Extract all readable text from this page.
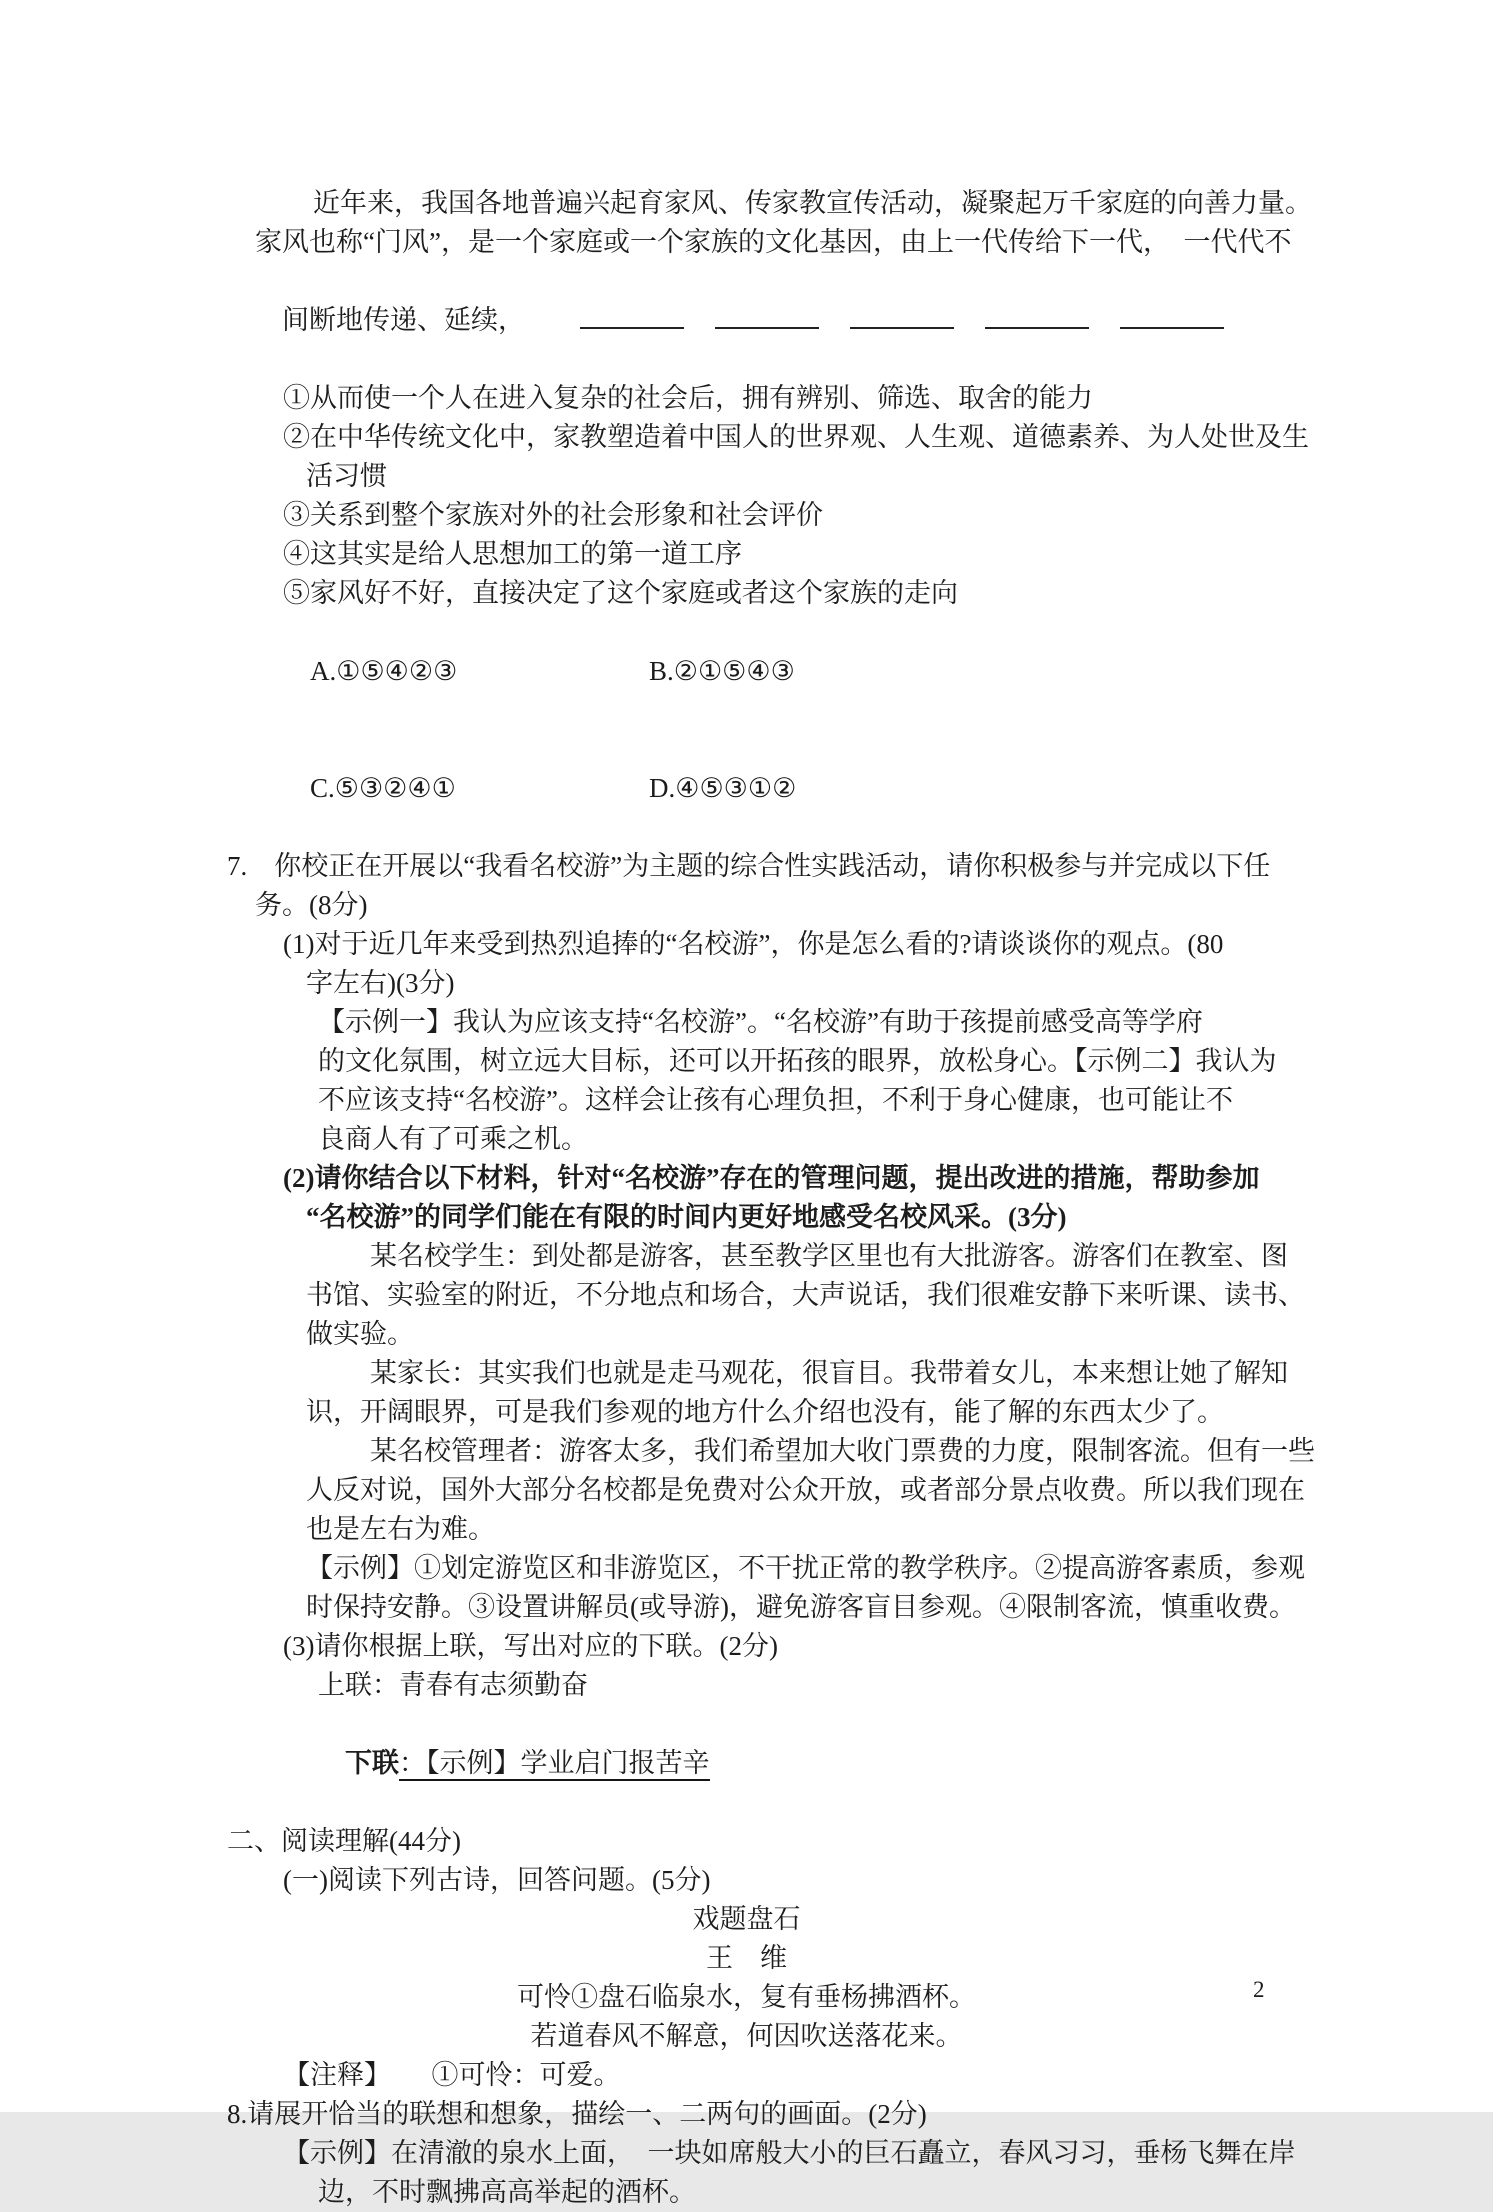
近年来，我国各地普遍兴起育家风、传家教宣传活动，凝聚起万千家庭的向善力量。
家风也称“门风”，是一个家庭或一个家族的文化基因，由上一代传给下一代，　一代代不

间断地传递、延续，

①从而使一个人在进入复杂的社会后，拥有辨别、筛选、取舍的能力
②在中华传统文化中，家教塑造着中国人的世界观、人生观、道德素养、为人处世及生
活习惯
③关系到整个家族对外的社会形象和社会评价
④这其实是给人思想加工的第一道工序
⑤家风好不好，直接决定了这个家庭或者这个家族的走向

A.①⑤④②③	B.②①⑤④③

C.⑤③②④①	D.④⑤③①②

7.　你校正在开展以“我看名校游”为主题的综合性实践活动，请你积极参与并完成以下任
务。(8分)
(1)对于近几年来受到热烈追捧的“名校游”，你是怎么看的?请谈谈你的观点。(80
字左右)(3分)
【示例一】我认为应该支持“名校游”。“名校游”有助于孩提前感受高等学府
的文化氛围，树立远大目标，还可以开拓孩的眼界，放松身心。【示例二】我认为
不应该支持“名校游”。这样会让孩有心理负担，不利于身心健康，也可能让不
良商人有了可乘之机。
(2)请你结合以下材料，针对“名校游”存在的管理问题，提出改进的措施，帮助参加
“名校游”的同学们能在有限的时间内更好地感受名校风采。(3分)
某名校学生：到处都是游客，甚至教学区里也有大批游客。游客们在教室、图
书馆、实验室的附近，不分地点和场合，大声说话，我们很难安静下来听课、读书、
做实验。
某家长：其实我们也就是走马观花，很盲目。我带着女儿，本来想让她了解知
识，开阔眼界，可是我们参观的地方什么介绍也没有，能了解的东西太少了。
某名校管理者：游客太多，我们希望加大收门票费的力度，限制客流。但有一些
人反对说，国外大部分名校都是免费对公众开放，或者部分景点收费。所以我们现在
也是左右为难。
【示例】①划定游览区和非游览区，不干扰正常的教学秩序。②提高游客素质，参观
时保持安静。③设置讲解员(或导游)，避免游客盲目参观。④限制客流，慎重收费。
(3)请你根据上联，写出对应的下联。(2分)
上联：青春有志须勤奋

下联：【示例】学业启门报苦辛

二、阅读理解(44分)
(一)阅读下列古诗，回答问题。(5分)
戏题盘石
王　维
可怜①盘石临泉水，复有垂杨拂酒杯。
若道春风不解意，何因吹送落花来。
【注释】　　①可怜：可爱。
8.请展开恰当的联想和想象，描绘一、二两句的画面。(2分)
【示例】在清澈的泉水上面，　一块如席般大小的巨石矗立，春风习习，垂杨飞舞在岸
边，不时飘拂高高举起的酒杯。
2
